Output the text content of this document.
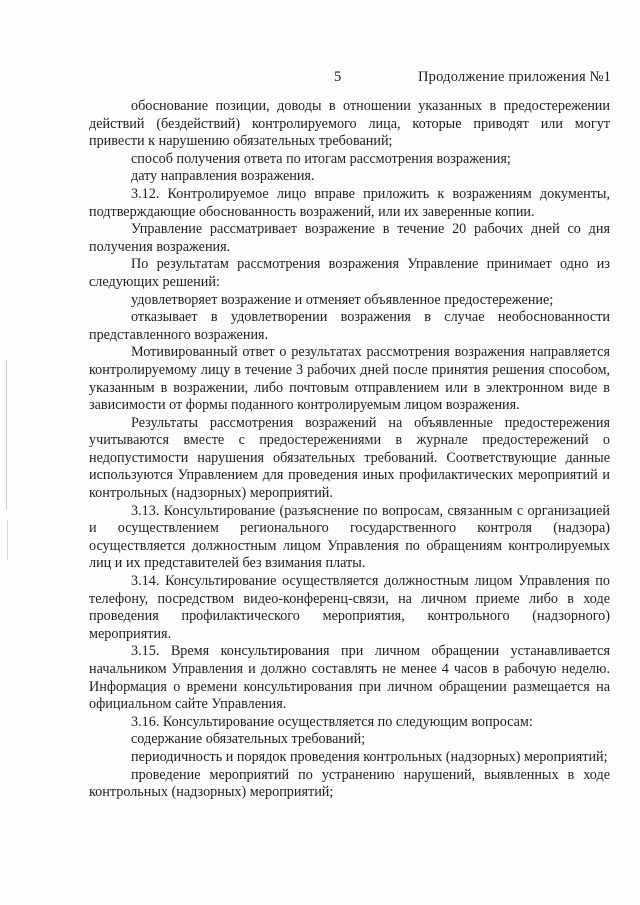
5	Продолжение приложения №1

обоснование позиции, доводы в отношении указанных в предостережении действий (бездействий) контролируемого лица, которые приводят или могут привести к нарушению обязательных требований;

способ получения ответа по итогам рассмотрения возражения;

дату направления возражения.

3.12. Контролируемое лицо вправе приложить к возражениям документы, подтверждающие обоснованность возражений, или их заверенные копии.

Управление рассматривает возражение в течение 20 рабочих дней со дня получения возражения.

По результатам рассмотрения возражения Управление принимает одно из следующих решений:

удовлетворяет возражение и отменяет объявленное предостережение;

отказывает в удовлетворении возражения в случае необоснованности представленного возражения.

Мотивированный ответ о результатах рассмотрения возражения направляется контролируемому лицу в течение 3 рабочих дней после принятия решения способом, указанным в возражении, либо почтовым отправлением или в электронном виде в зависимости от формы поданного контролируемым лицом возражения.

Результаты рассмотрения возражений на объявленные предостережения учитываются вместе с предостережениями в журнале предостережений о недопустимости нарушения обязательных требований. Соответствующие данные используются Управлением для проведения иных профилактических мероприятий и контрольных (надзорных) мероприятий.

3.13. Консультирование (разъяснение по вопросам, связанным с организацией и осуществлением регионального государственного контроля (надзора) осуществляется должностным лицом Управления по обращениям контролируемых лиц и их представителей без взимания платы.

3.14. Консультирование осуществляется должностным лицом Управления по телефону, посредством видео-конференц-связи, на личном приеме либо в ходе проведения профилактического мероприятия, контрольного (надзорного) мероприятия.

3.15. Время консультирования при личном обращении устанавливается начальником Управления и должно составлять не менее 4 часов в рабочую неделю. Информация о времени консультирования при личном обращении размещается на официальном сайте Управления.

3.16. Консультирование осуществляется по следующим вопросам:

содержание обязательных требований;

периодичность и порядок проведения контрольных (надзорных) мероприятий;

проведение мероприятий по устранению нарушений, выявленных в ходе контрольных (надзорных) мероприятий;
